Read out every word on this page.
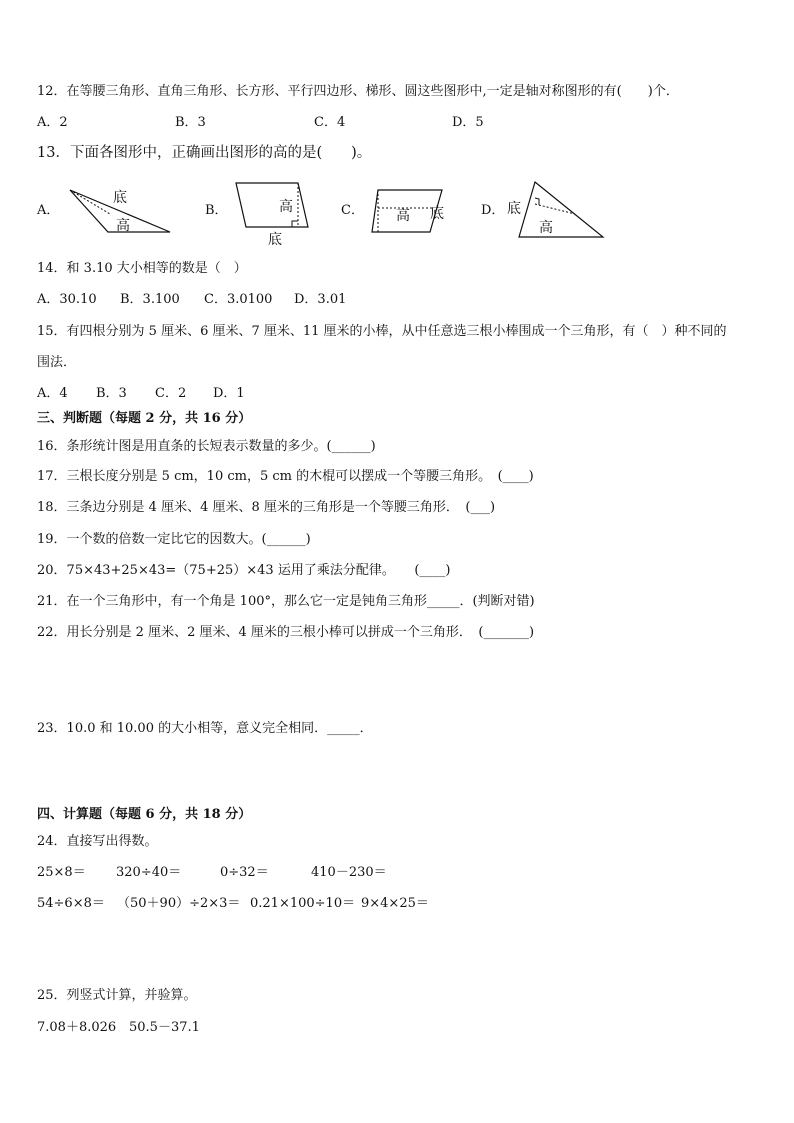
12．在等腰三角形、直角三角形、长方形、平行四边形、梯形、圆这些图形中,一定是轴对称图形的有(　　)个．
A．2	B．3	C．4	D．5
13．下面各图形中，正确画出图形的高的是(　　)。
A．
底
高
B．	高
底
C． 高 底	D． 底
高
14．和 3.10 大小相等的数是（　）
A．30.10 B．3.100 C．3.0100 D．3.01
15．有四根分别为 5 厘米、6 厘米、7 厘米、11 厘米的小棒，从中任意选三根小棒围成一个三角形，有（　）种不同的
围法．
A．4 B．3 C．2 D．1
三、判断题（每题 2 分，共 16 分）
16．条形统计图是用直条的长短表示数量的多少。(______)
17．三根长度分别是 5 cm，10 cm，5 cm 的木棍可以摆成一个等腰三角形。　(____)
18．三条边分别是 4 厘米、4 厘米、8 厘米的三角形是一个等腰三角形．　(___)
19．一个数的倍数一定比它的因数大。(______)
20．75×43+25×43=（75+25）×43 运用了乘法分配律。　　(____)
21．在一个三角形中，有一个角是 100°，那么它一定是钝角三角形_____．(判断对错)
22．用长分别是 2 厘米、2 厘米、4 厘米的三根小棒可以拼成一个三角形．　(_______)
23．10.0 和 10.00 的大小相等，意义完全相同．_____．
四、计算题（每题 6 分，共 18 分）
24．直接写出得数。
25×8＝ 320÷40＝	0÷32＝	410－230＝
54÷6×8＝ （50＋90）÷2×3＝ 0.21×100÷10＝ 9×4×25＝
25．列竖式计算，并验算。
7.08＋8.026 50.5－37.1
